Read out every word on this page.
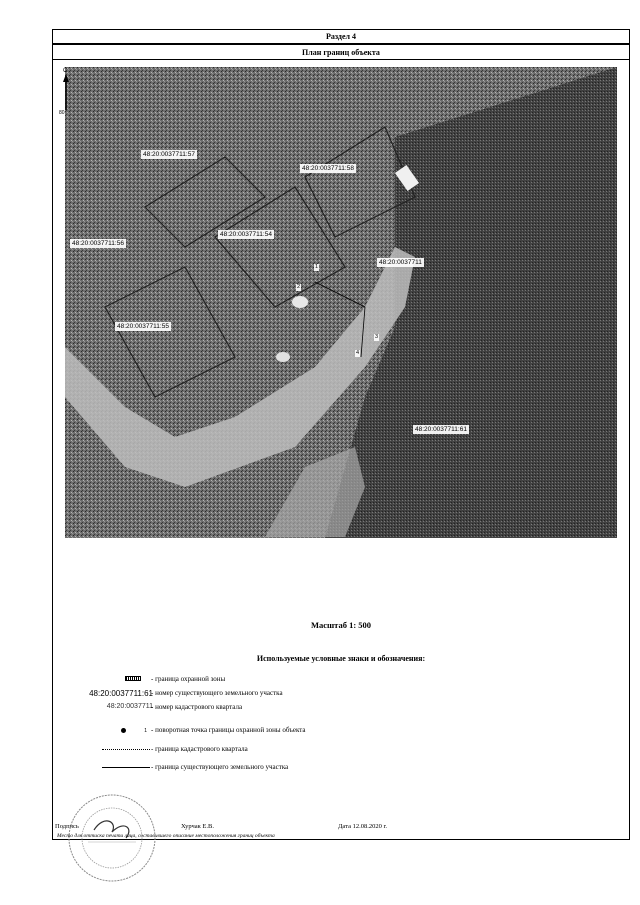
Раздел 4
План границ объекта
Масштаб 1: 500
Используемые условные знаки и обозначения:
- граница охранной зоны
48:20:0037711:61
- номер существующего земельного участка
48:20:0037711
- номер кадастрового квартала
1 - поворотная точка границы охранной зоны объекта
- граница кадастрового квартала
- граница существующего земельного участка
Подпись	Хурчак Е.В.	Дата 12.08.2020 г.
Место для оттиска печати лица, составившего описание местоположения границ объекта
С
80
48:20:0037711:57
48:20:0037711:58
48:20:0037711:56
48:20:0037711:54
48:20:0037711
48:20:0037711:55
48:20:0037711:61
1
2
3
4
